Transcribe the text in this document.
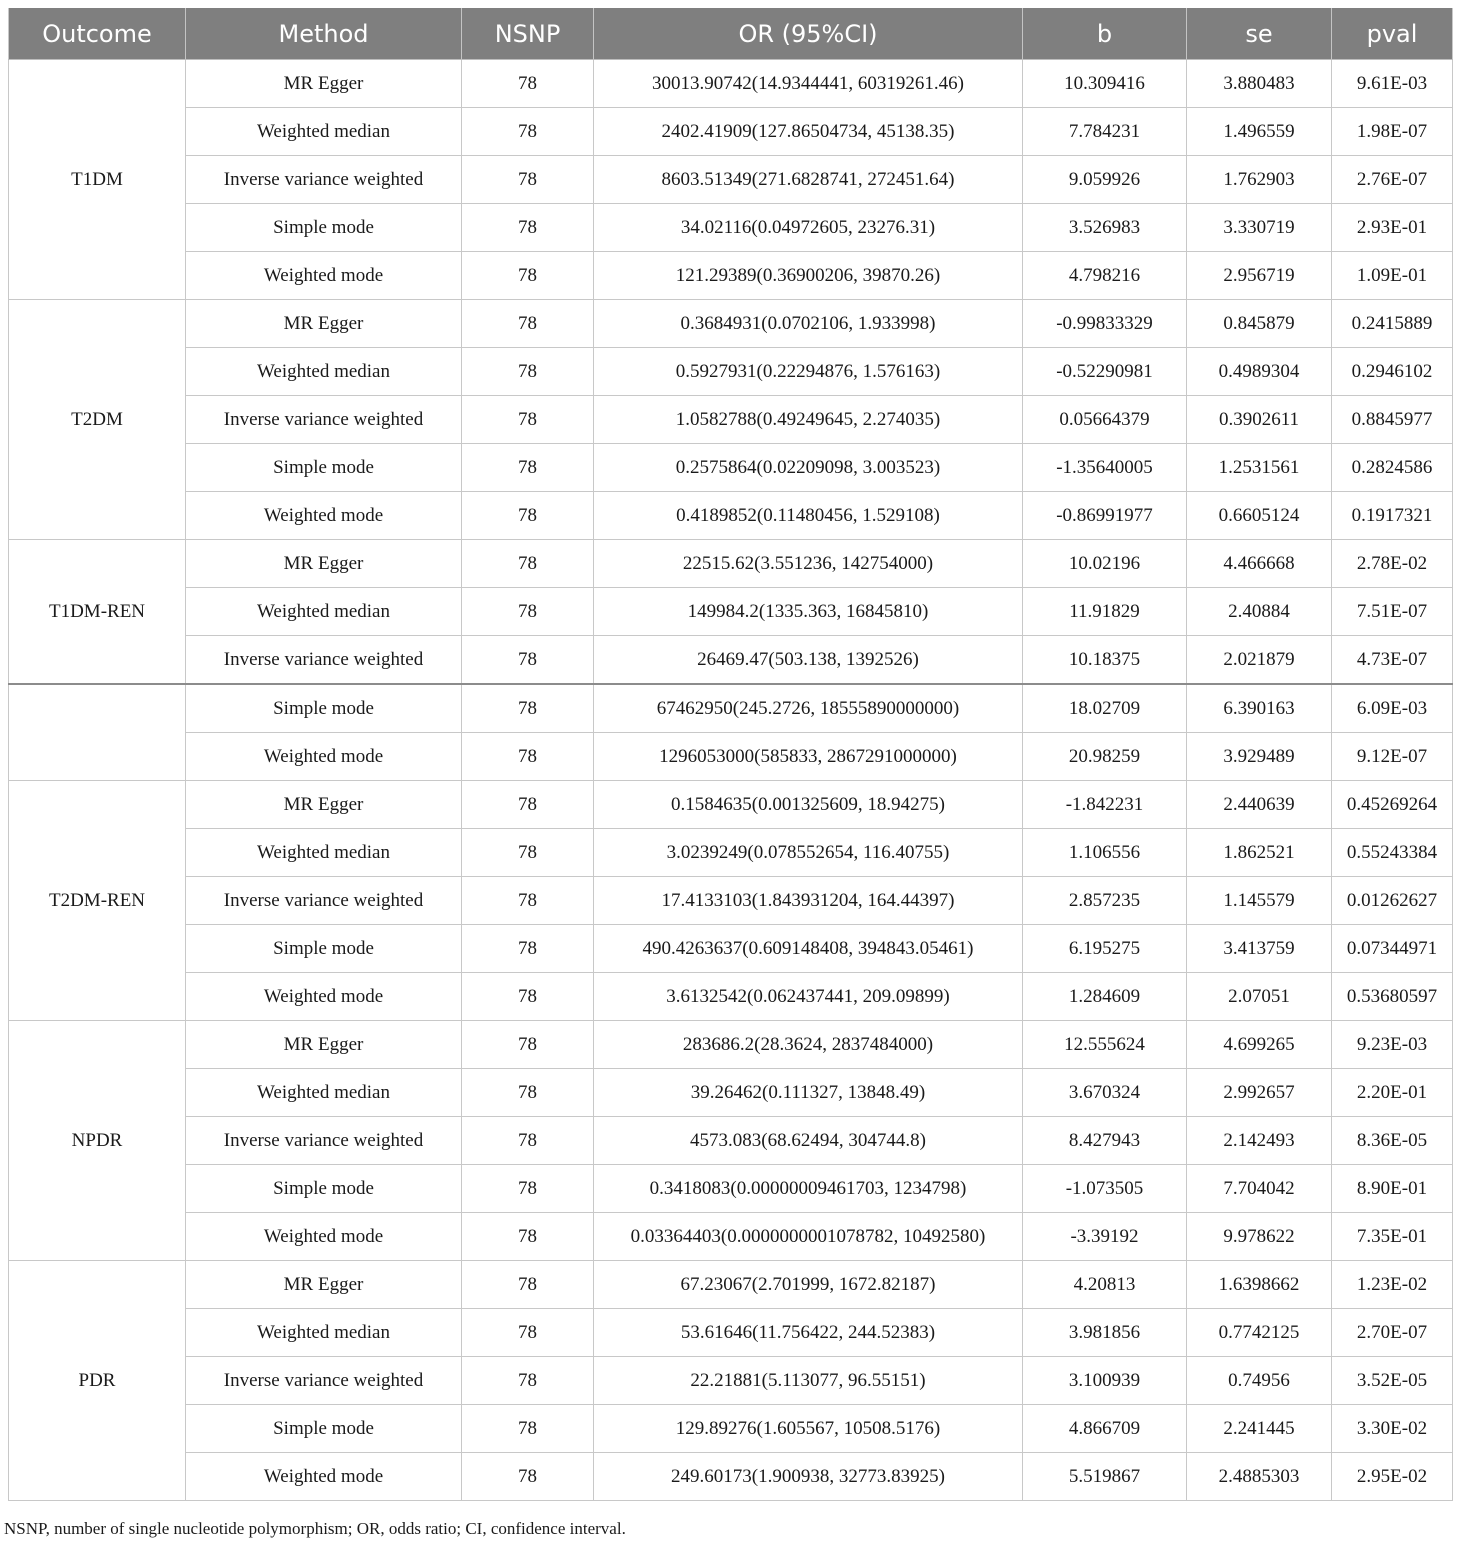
Outcome	Method	NSNP	OR (95%CI)	b	se	pval
T1DM	MR Egger	78	30013.90742(14.9344441, 60319261.46)	10.309416	3.880483	9.61E-03
	Weighted median	78	2402.41909(127.86504734, 45138.35)	7.784231	1.496559	1.98E-07
	Inverse variance weighted	78	8603.51349(271.6828741, 272451.64)	9.059926	1.762903	2.76E-07
	Simple mode	78	34.02116(0.04972605, 23276.31)	3.526983	3.330719	2.93E-01
	Weighted mode	78	121.29389(0.36900206, 39870.26)	4.798216	2.956719	1.09E-01
T2DM	MR Egger	78	0.3684931(0.0702106, 1.933998)	-0.99833329	0.845879	0.2415889
	Weighted median	78	0.5927931(0.22294876, 1.576163)	-0.52290981	0.4989304	0.2946102
	Inverse variance weighted	78	1.0582788(0.49249645, 2.274035)	0.05664379	0.3902611	0.8845977
	Simple mode	78	0.2575864(0.02209098, 3.003523)	-1.35640005	1.2531561	0.2824586
	Weighted mode	78	0.4189852(0.11480456, 1.529108)	-0.86991977	0.6605124	0.1917321
T1DM-REN	MR Egger	78	22515.62(3.551236, 142754000)	10.02196	4.466668	2.78E-02
	Weighted median	78	149984.2(1335.363, 16845810)	11.91829	2.40884	7.51E-07
	Inverse variance weighted	78	26469.47(503.138, 1392526)	10.18375	2.021879	4.73E-07
	Simple mode	78	67462950(245.2726, 18555890000000)	18.02709	6.390163	6.09E-03
	Weighted mode	78	1296053000(585833, 2867291000000)	20.98259	3.929489	9.12E-07
T2DM-REN	MR Egger	78	0.1584635(0.001325609, 18.94275)	-1.842231	2.440639	0.45269264
	Weighted median	78	3.0239249(0.078552654, 116.40755)	1.106556	1.862521	0.55243384
	Inverse variance weighted	78	17.4133103(1.843931204, 164.44397)	2.857235	1.145579	0.01262627
	Simple mode	78	490.4263637(0.609148408, 394843.05461)	6.195275	3.413759	0.07344971
	Weighted mode	78	3.6132542(0.062437441, 209.09899)	1.284609	2.07051	0.53680597
NPDR	MR Egger	78	283686.2(28.3624, 2837484000)	12.555624	4.699265	9.23E-03
	Weighted median	78	39.26462(0.111327, 13848.49)	3.670324	2.992657	2.20E-01
	Inverse variance weighted	78	4573.083(68.62494, 304744.8)	8.427943	2.142493	8.36E-05
	Simple mode	78	0.3418083(0.00000009461703, 1234798)	-1.073505	7.704042	8.90E-01
	Weighted mode	78	0.03364403(0.0000000001078782, 10492580)	-3.39192	9.978622	7.35E-01
PDR	MR Egger	78	67.23067(2.701999, 1672.82187)	4.20813	1.6398662	1.23E-02
	Weighted median	78	53.61646(11.756422, 244.52383)	3.981856	0.7742125	2.70E-07
	Inverse variance weighted	78	22.21881(5.113077, 96.55151)	3.100939	0.74956	3.52E-05
	Simple mode	78	129.89276(1.605567, 10508.5176)	4.866709	2.241445	3.30E-02
	Weighted mode	78	249.60173(1.900938, 32773.83925)	5.519867	2.4885303	2.95E-02
NSNP, number of single nucleotide polymorphism; OR, odds ratio; CI, confidence interval.
